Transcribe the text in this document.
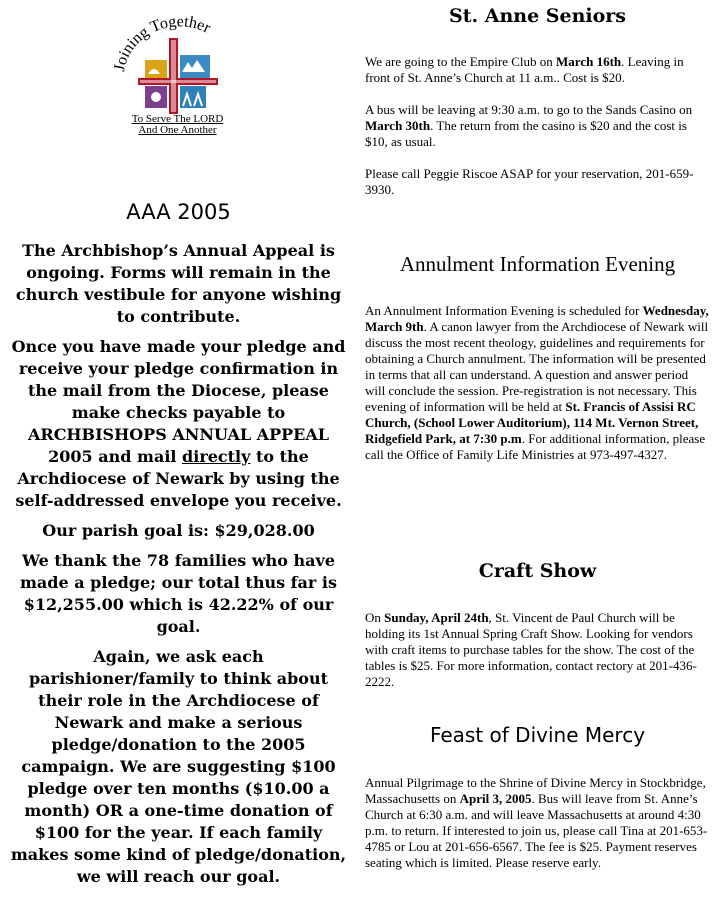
Joining Together
To Serve The LORD
And One Another
AAA 2005

The Archbishop’s Annual Appeal is ongoing. Forms will remain in the church vestibule for anyone wishing to contribute.

Once you have made your pledge and receive your pledge confirmation in the mail from the Diocese, please make checks payable to ARCHBISHOPS ANNUAL APPEAL 2005 and mail directly to the Archdiocese of Newark by using the self-addressed envelope you receive.

Our parish goal is: $29,028.00

We thank the 78 families who have made a pledge; our total thus far is $12,255.00 which is 42.22% of our goal.

Again, we ask each parishioner/family to think about their role in the Archdiocese of Newark and make a serious pledge/donation to the 2005 campaign. We are suggesting $100 pledge over ten months ($10.00 a month) OR a one-time donation of $100 for the year. If each family makes some kind of pledge/donation, we will reach our goal.

St. Anne Seniors

We are going to the Empire Club on March 16th. Leaving in front of St. Anne’s Church at 11 a.m.. Cost is $20.

A bus will be leaving at 9:30 a.m. to go to the Sands Casino on March 30th. The return from the casino is $20 and the cost is $10, as usual.

Please call Peggie Riscoe ASAP for your reservation, 201-659-3930.

Annulment Information Evening

An Annulment Information Evening is scheduled for Wednesday, March 9th. A canon lawyer from the Archdiocese of Newark will discuss the most recent theology, guidelines and requirements for obtaining a Church annulment. The information will be presented in terms that all can understand. A question and answer period will conclude the session. Pre-registration is not necessary. This evening of information will be held at St. Francis of Assisi RC Church, (School Lower Auditorium), 114 Mt. Vernon Street, Ridgefield Park, at 7:30 p.m. For additional information, please call the Office of Family Life Ministries at 973-497-4327.

Craft Show

On Sunday, April 24th, St. Vincent de Paul Church will be holding its 1st Annual Spring Craft Show. Looking for vendors with craft items to purchase tables for the show. The cost of the tables is $25. For more information, contact rectory at 201-436-2222.

Feast of Divine Mercy

Annual Pilgrimage to the Shrine of Divine Mercy in Stockbridge, Massachusetts on April 3, 2005. Bus will leave from St. Anne’s Church at 6:30 a.m. and will leave Massachusetts at around 4:30 p.m. to return. If interested to join us, please call Tina at 201-653-4785 or Lou at 201-656-6567. The fee is $25. Payment reserves seating which is limited. Please reserve early.
